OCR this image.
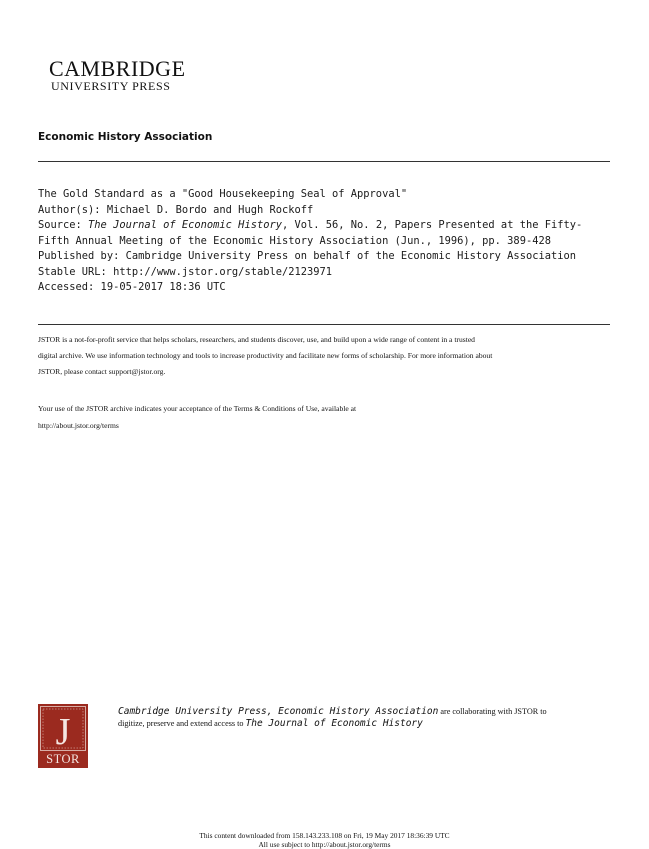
CAMBRIDGE
UNIVERSITY PRESS
Economic History Association
The Gold Standard as a "Good Housekeeping Seal of Approval"
Author(s): Michael D. Bordo and Hugh Rockoff
Source: The Journal of Economic History, Vol. 56, No. 2, Papers Presented at the Fifty-
Fifth Annual Meeting of the Economic History Association (Jun., 1996), pp. 389-428
Published by: Cambridge University Press on behalf of the Economic History Association
Stable URL: http://www.jstor.org/stable/2123971
Accessed: 19-05-2017 18:36 UTC
JSTOR is a not-for-profit service that helps scholars, researchers, and students discover, use, and build upon a wide range of content in a trusted
digital archive. We use information technology and tools to increase productivity and facilitate new forms of scholarship. For more information about
JSTOR, please contact support@jstor.org.
Your use of the JSTOR archive indicates your acceptance of the Terms & Conditions of Use, available at
http://about.jstor.org/terms
J
STOR
Cambridge University Press, Economic History Association are collaborating with JSTOR to
digitize, preserve and extend access to The Journal of Economic History
This content downloaded from 158.143.233.108 on Fri, 19 May 2017 18:36:39 UTC
All use subject to http://about.jstor.org/terms
